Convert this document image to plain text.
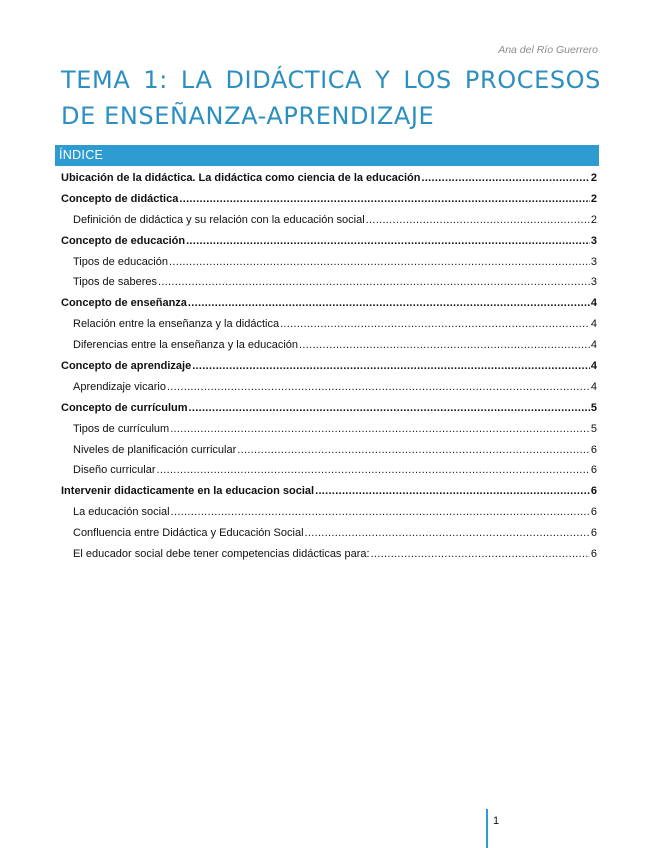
Ana del Río Guerrero
TEMA 1: LA DIDÁCTICA Y LOS PROCESOS DE ENSEÑANZA-APRENDIZAJE
ÍNDICE
Ubicación de la didáctica. La didáctica como ciencia de la educación .....	2
Concepto de didáctica .....	2
Definición de didáctica y su relación con la educación social .....	2
Concepto de educación .....	3
Tipos de educación .....	3
Tipos de saberes .....	3
Concepto de enseñanza .....	4
Relación entre la enseñanza y la didáctica .....	4
Diferencias entre la enseñanza y la educación .....	4
Concepto de aprendizaje .....	4
Aprendizaje vicario .....	4
Concepto de currículum .....	5
Tipos de currículum .....	5
Niveles de planificación curricular .....	6
Diseño curricular .....	6
Intervenir didacticamente en la educacion social .....	6
La educación social .....	6
Confluencia entre Didáctica y Educación Social .....	6
El educador social debe tener competencias didácticas para: .....	6
1
